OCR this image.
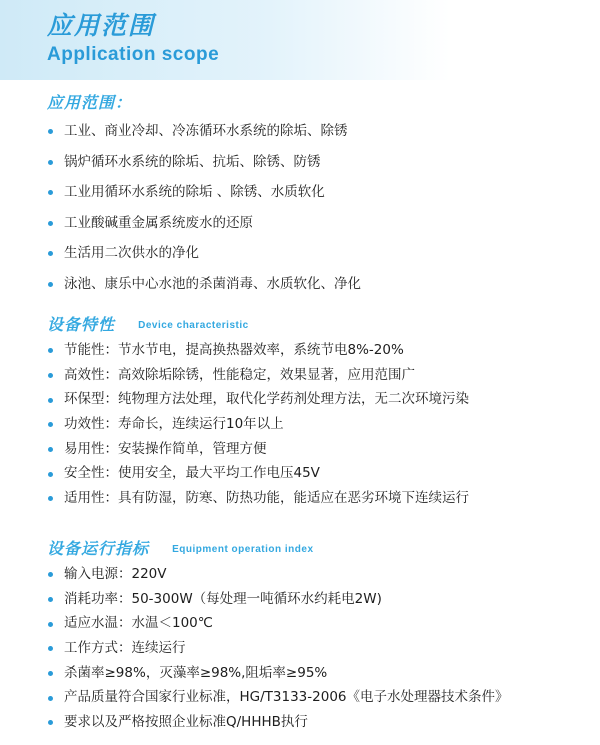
应用范围
Application scope
应用范围：
工业、商业冷却、冷冻循环水系统的除垢、除锈
锅炉循环水系统的除垢、抗垢、除锈、防锈
工业用循环水系统的除垢 、除锈、水质软化
工业酸碱重金属系统废水的还原
生活用二次供水的净化
泳池、康乐中心水池的杀菌消毒、水质软化、净化
设备特性 Device characteristic
节能性：节水节电，提高换热器效率，系统节电8%-20%
高效性：高效除垢除锈，性能稳定，效果显著，应用范围广
环保型：纯物理方法处理，取代化学药剂处理方法，无二次环境污染
功效性：寿命长，连续运行10年以上
易用性：安装操作简单，管理方便
安全性：使用安全，最大平均工作电压45V
适用性：具有防湿，防寒、防热功能，能适应在恶劣环境下连续运行
设备运行指标 Equipment operation index
输入电源：220V
消耗功率：50-300W（每处理一吨循环水约耗电2W)
适应水温：水温＜100℃
工作方式：连续运行
杀菌率≥98%，灭藻率≥98%,阻垢率≥95%
产品质量符合国家行业标准，HG/T3133-2006《电子水处理器技术条件》
要求以及严格按照企业标准Q/HHHB执行
